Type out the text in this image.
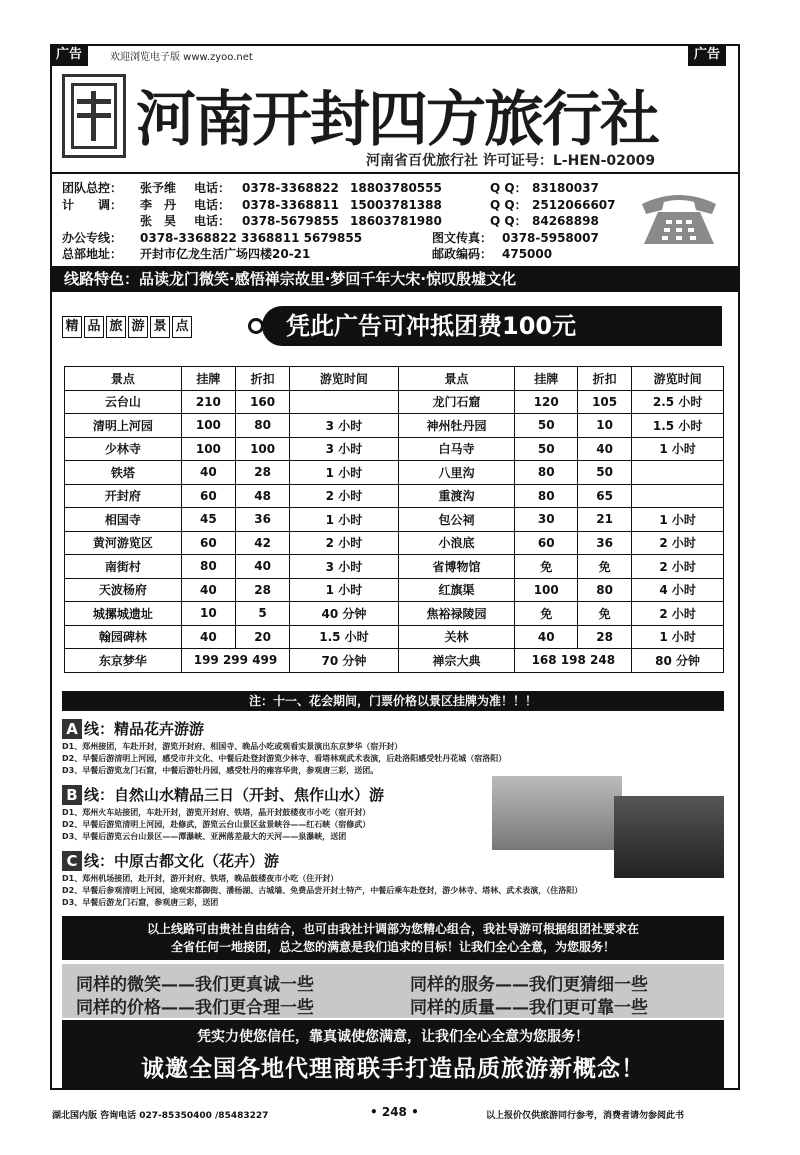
广告	广告
欢迎浏览电子版 www.zyoo.net
河南开封四方旅行社
河南省百优旅行社 许可证号：L-HEN-02009
团队总控： 张予维 电话： 0378-3368822 18803780555	Q Q： 83180037
计　　调： 李　丹 电话： 0378-3368811 15003781388	Q Q： 2512066607
张　昊 电话： 0378-5679855 18603781980	Q Q： 84268898
办公专线： 0378-3368822 3368811 5679855	图文传真： 0378-5958007
总部地址： 开封市亿龙生活广场四楼20-21	邮政编码： 475000
线路特色：品读龙门微笑·感悟禅宗故里·梦回千年大宋·惊叹殷墟文化
精 品 旅 游 景 点	凭此广告可冲抵团费100元
景点	挂牌	折扣	游览时间	景点	挂牌	折扣	游览时间
云台山	210	160		龙门石窟	120	105	2.5 小时
清明上河园	100	80	3 小时	神州牡丹园	50	10	1.5 小时
少林寺	100	100	3 小时	白马寺	50	40	1 小时
铁塔	40	28	1 小时	八里沟	80	50	
开封府	60	48	2 小时	重渡沟	80	65	
相国寺	45	36	1 小时	包公祠	30	21	1 小时
黄河游览区	60	42	2 小时	小浪底	60	36	2 小时
南街村	80	40	3 小时	省博物馆	免	免	2 小时
天波杨府	40	28	1 小时	红旗渠	100	80	4 小时
城摞城遗址	10	5	40 分钟	焦裕禄陵园	免	免	2 小时
翰园碑林	40	20	1.5 小时	关林	40	28	1 小时
东京梦华	199 299 499		70 分钟	禅宗大典	168 198 248		80 分钟
注：十一、花会期间，门票价格以景区挂牌为准！！！
A 线：精品花卉游游
D1、郑州接团，车赴开封，游览开封府、相国寺、晚品小吃或观看实景演出东京梦华（宿开封）
D2、早餐后游清明上河园，感受市井文化、中餐后赴登封游览少林寺、看塔林观武术表演，后赴洛阳感受牡丹花城（宿洛阳）
D3、早餐后游览龙门石窟，中餐后游牡丹园，感受牡丹的雍容华贵，参观唐三彩，送团。
B 线：自然山水精品三日（开封、焦作山水）游
D1、郑州火车站接团，车赴开封，游览开封府、铁塔，晶开封鼓楼夜市小吃（宿开封）
D2、早餐后游览清明上河园，赴修武，游览云台山景区盆景峡谷——红石峡（宿修武）
D3、早餐后游览云台山景区——潭瀑峡、亚洲落差最大的天河——泉瀑峡，送团
C 线：中原古都文化（花卉）游
D1、郑州机场接团，赴开封，游开封府、铁塔，晚品鼓楼夜市小吃（住开封）
D2、早餐后参观清明上河园，途观宋都御街、潘杨湖、古城墙、免费品尝开封土特产，中餐后乘车赴登封，游少林寺、塔林、武术表演，（住洛阳）
D3、早餐后游龙门石窟，参观唐三彩，送团
以上线路可由贵社自由结合，也可由我社计调部为您精心组合，我社导游可根据组团社要求在
全省任何一地接团，总之您的满意是我们追求的目标！让我们全心全意，为您服务！
同样的微笑——我们更真诚一些	同样的服务——我们更猜细一些
同样的价格——我们更合理一些	同样的质量——我们更可靠一些
凭实力使您信任，靠真诚使您满意，让我们全心全意为您服务！
诚邀全国各地代理商联手打造品质旅游新概念！
湖北国内版 咨询电话 027-85350400 /85483227	• 248 •	以上报价仅供旅游同行参考，消费者请勿参阅此书
